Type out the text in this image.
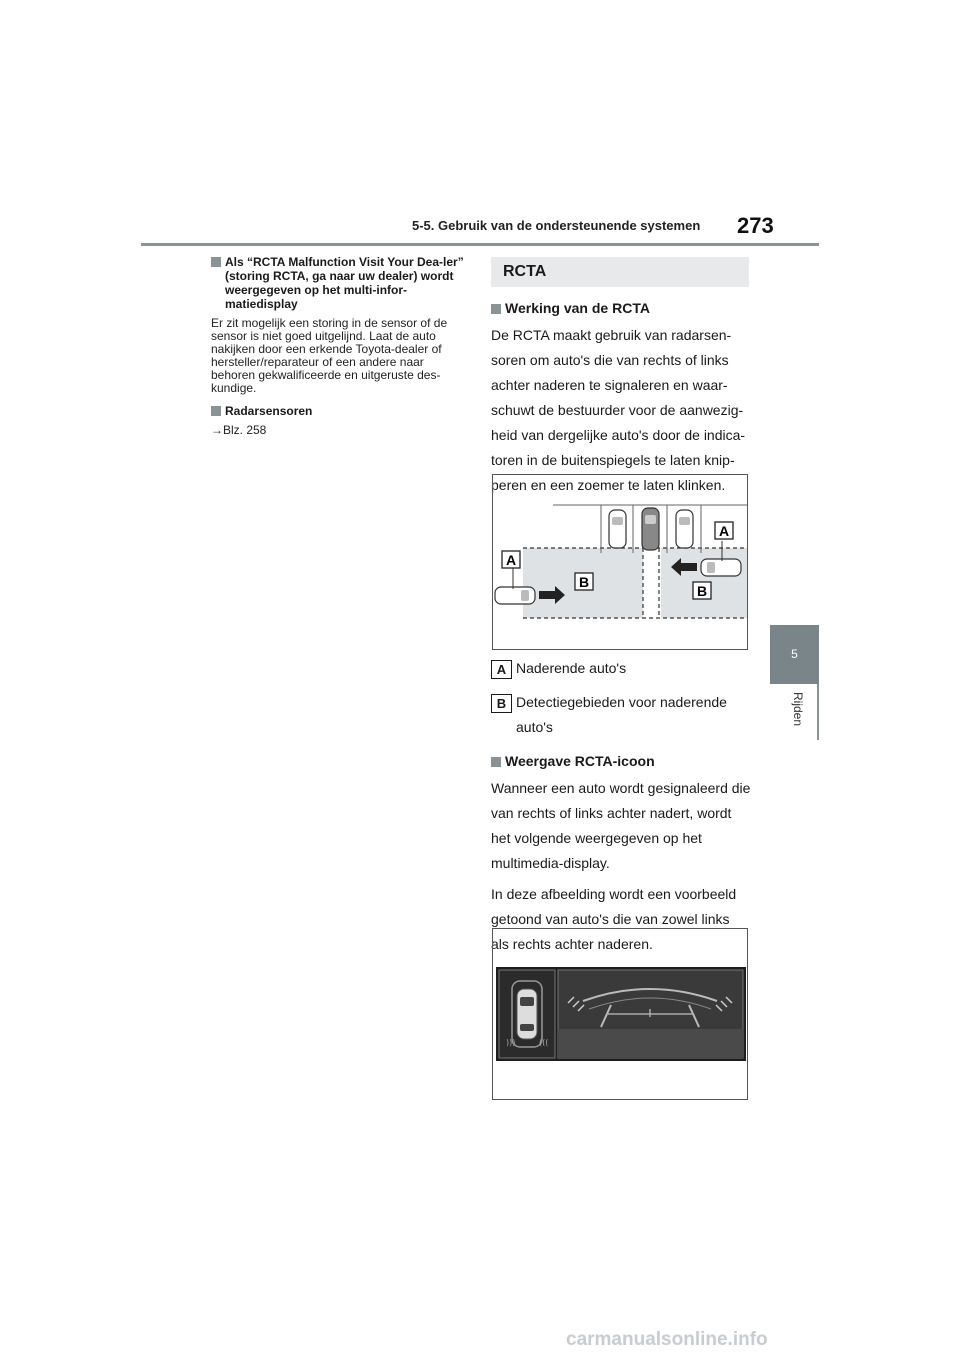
5-5. Gebruik van de ondersteunende systemen 273
5
Rijden
Als “RCTA Malfunction Visit Your Dea-ler” (storing RCTA, ga naar uw dealer) wordt weergegeven op het multi-infor-matiedisplay

Er zit mogelijk een storing in de sensor of de sensor is niet goed uitgelijnd. Laat de auto nakijken door een erkende Toyota-dealer of hersteller/reparateur of een andere naar behoren gekwalificeerde en uitgeruste des-kundige.

Radarsensoren

→Blz. 258

RCTA

Werking van de RCTA

De RCTA maakt gebruik van radarsen-soren om auto's die van rechts of links achter naderen te signaleren en waar-schuwt de bestuurder voor de aanwezig-heid van dergelijke auto's door de indica-toren in de buitenspiegels te laten knip-peren en een zoemer te laten klinken.

A
A
B
B
A Naderende auto's
B Detectiegebieden voor naderende auto's

Weergave RCTA-icoon

Wanneer een auto wordt gesignaleerd die van rechts of links achter nadert, wordt het volgende weergegeven op het multimedia-display.

In deze afbeelding wordt een voorbeeld getoond van auto's die van zowel links als rechts achter naderen.

)))	(((
carmanualsonline.info
